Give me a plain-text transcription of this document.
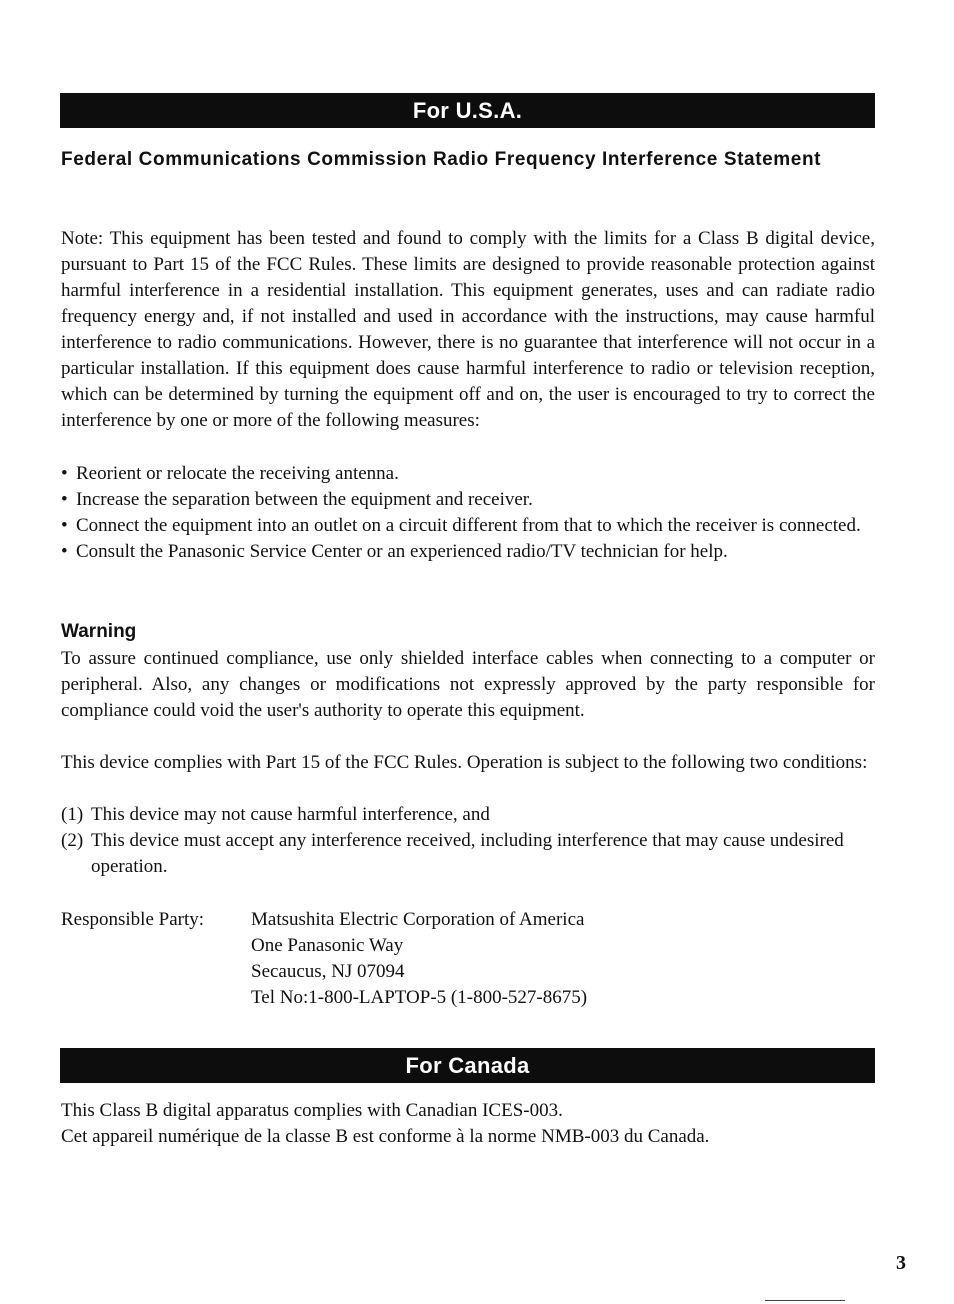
For U.S.A.
Federal Communications Commission Radio Frequency Interference Statement

Note: This equipment has been tested and found to comply with the limits for a Class B digital device, pursuant to Part 15 of the FCC Rules. These limits are designed to provide reasonable protection against harmful interference in a residential installation. This equipment generates, uses and can radiate radio frequency energy and, if not installed and used in accordance with the instructions, may cause harmful interference to radio communications. However, there is no guarantee that interference will not occur in a particular installation. If this equipment does cause harmful interference to radio or television reception, which can be determined by turning the equipment off and on, the user is encouraged to try to correct the interference by one or more of the following measures:

• Reorient or relocate the receiving antenna.
• Increase the separation between the equipment and receiver.
• Connect the equipment into an outlet on a circuit different from that to which the receiver is connected.
• Consult the Panasonic Service Center or an experienced radio/TV technician for help.
Warning

To assure continued compliance, use only shielded interface cables when connecting to a computer or peripheral. Also, any changes or modifications not expressly approved by the party responsible for compliance could void the user's authority to operate this equipment.

This device complies with Part 15 of the FCC Rules. Operation is subject to the following two conditions:

(1) This device may not cause harmful interference, and
(2) This device must accept any interference received, including interference that may cause undesired operation.
Responsible Party: Matsushita Electric Corporation of America
One Panasonic Way
Secaucus, NJ 07094
Tel No:1-800-LAPTOP-5 (1-800-527-8675)
For Canada

This Class B digital apparatus complies with Canadian ICES-003.

Cet appareil numérique de la classe B est conforme à la norme NMB-003 du Canada.

3
